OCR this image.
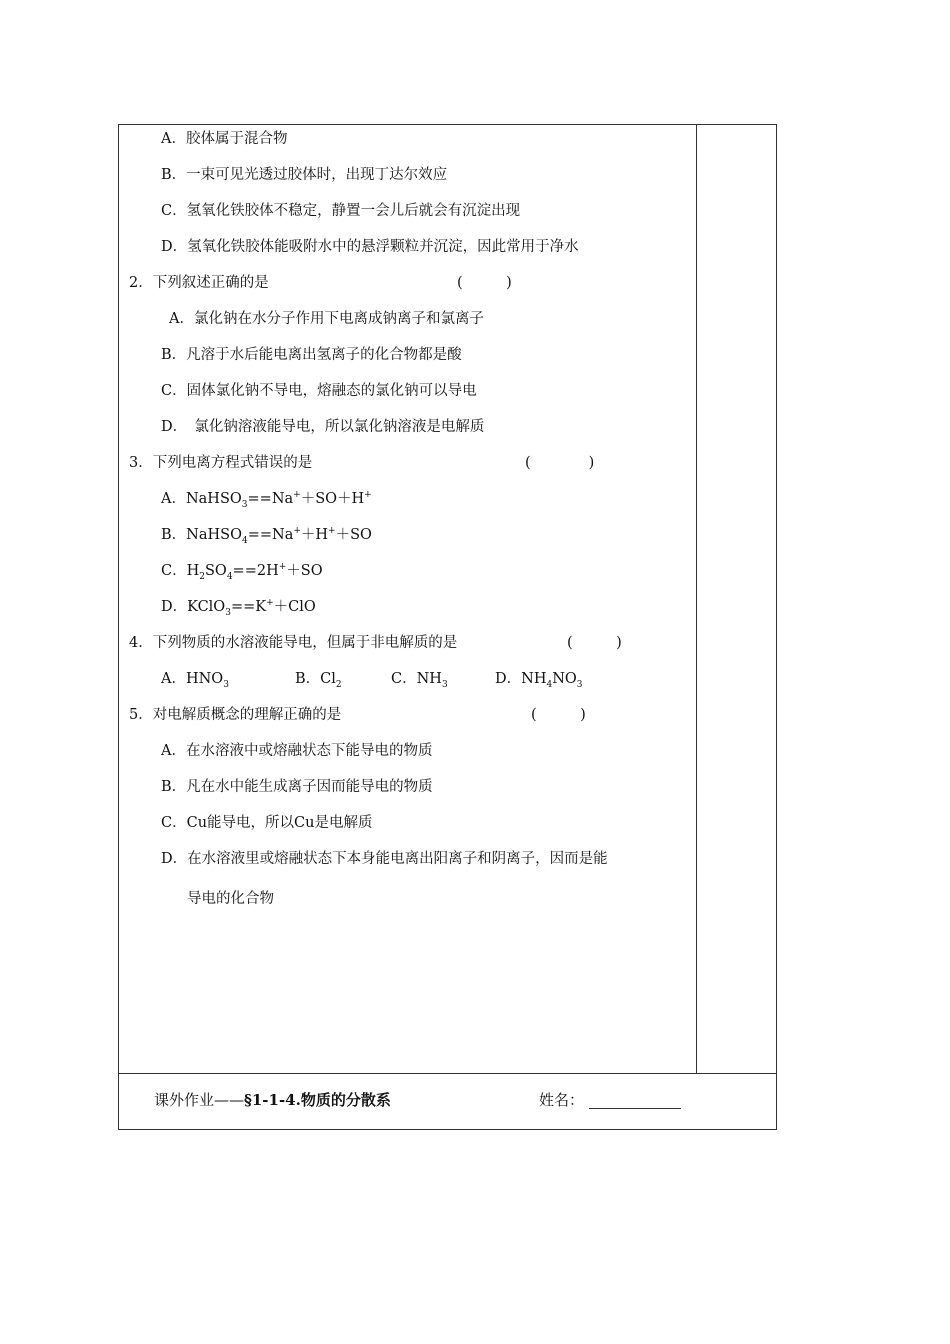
A．胶体属于混合物
B．一束可见光透过胶体时，出现丁达尔效应
C．氢氧化铁胶体不稳定，静置一会儿后就会有沉淀出现
D．氢氧化铁胶体能吸附水中的悬浮颗粒并沉淀，因此常用于净水
2．下列叙述正确的是	(　　　)
A．氯化钠在水分子作用下电离成钠离子和氯离子
B．凡溶于水后能电离出氢离子的化合物都是酸
C．固体氯化钠不导电，熔融态的氯化钠可以导电
D．　氯化钠溶液能导电，所以氯化钠溶液是电解质
3．下列电离方程式错误的是	(　　　　)
A．NaHSO$_3$==Na+＋SO＋H+
B．NaHSO$_4$==Na+＋H+＋SO
C．$H_2SO_4==2H^++SO$
D．KClO$_3$==K+＋ClO
4．下列物质的水溶液能导电，但属于非电解质的是	(　　　)
A．$HNO_3$	B．$Cl_2$	C．$NH_3$	D．$NH_4NO_3$
5．对电解质概念的理解正确的是	(　　　)
A．在水溶液中或熔融状态下能导电的物质
B．凡在水中能生成离子因而能导电的物质
C．Cu能导电，所以Cu是电解质
D．在水溶液里或熔融状态下本身能电离出阳离子和阴离子，因而是能
导电的化合物
课外作业——§1-1-4.物质的分散系	姓名：
